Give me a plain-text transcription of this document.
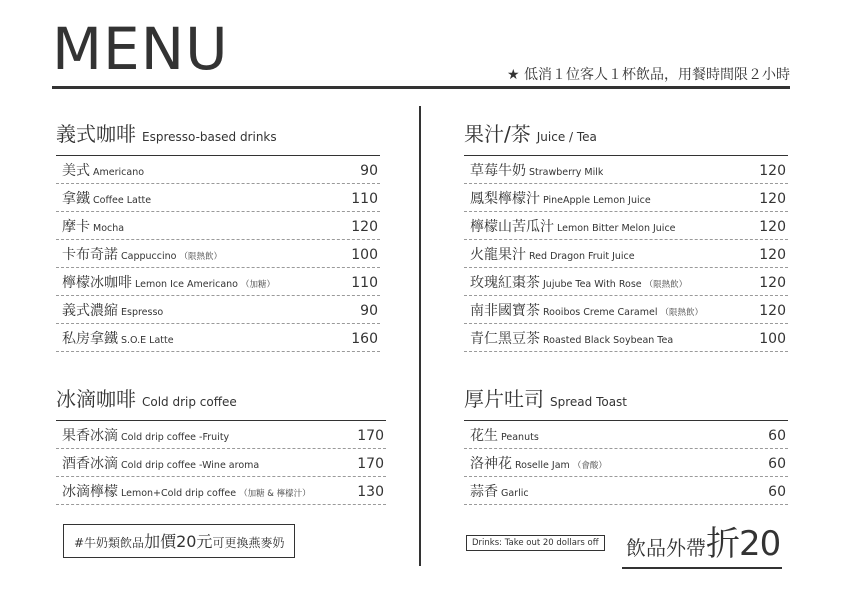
MENU	★ 低消１位客人１杯飲品，用餐時間限２小時
義式咖啡 Espresso-based drinks
美式 Americano	90
拿鐵 Coffee Latte	110
摩卡 Mocha	120
卡布奇諾 Cappuccino （限熱飲）	100
檸檬冰咖啡 Lemon Ice Americano （加糖）	110
義式濃縮 Espresso	90
私房拿鐵 S.O.E Latte	160
冰滴咖啡 Cold drip coffee
果香冰滴 Cold drip coffee -Fruity	170
酒香冰滴 Cold drip coffee -Wine aroma	170
冰滴檸檬 Lemon+Cold drip coffee （加糖 & 檸檬汁）	130
果汁/茶 Juice / Tea
草莓牛奶 Strawberry Milk	120
鳳梨檸檬汁 PineApple Lemon Juice	120
檸檬山苦瓜汁 Lemon Bitter Melon Juice	120
火龍果汁 Red Dragon Fruit Juice	120
玫瑰紅棗茶 Jujube Tea With Rose （限熱飲）	120
南非國寶茶 Rooibos Creme Caramel （限熱飲）	120
青仁黑豆茶 Roasted Black Soybean Tea	100
厚片吐司 Spread Toast
花生 Peanuts	60
洛神花 Roselle Jam （會酸）	60
蒜香 Garlic	60
#牛奶類飲品加價20元可更換燕麥奶	Drinks: Take out 20 dollars off	飲品外帶折20
